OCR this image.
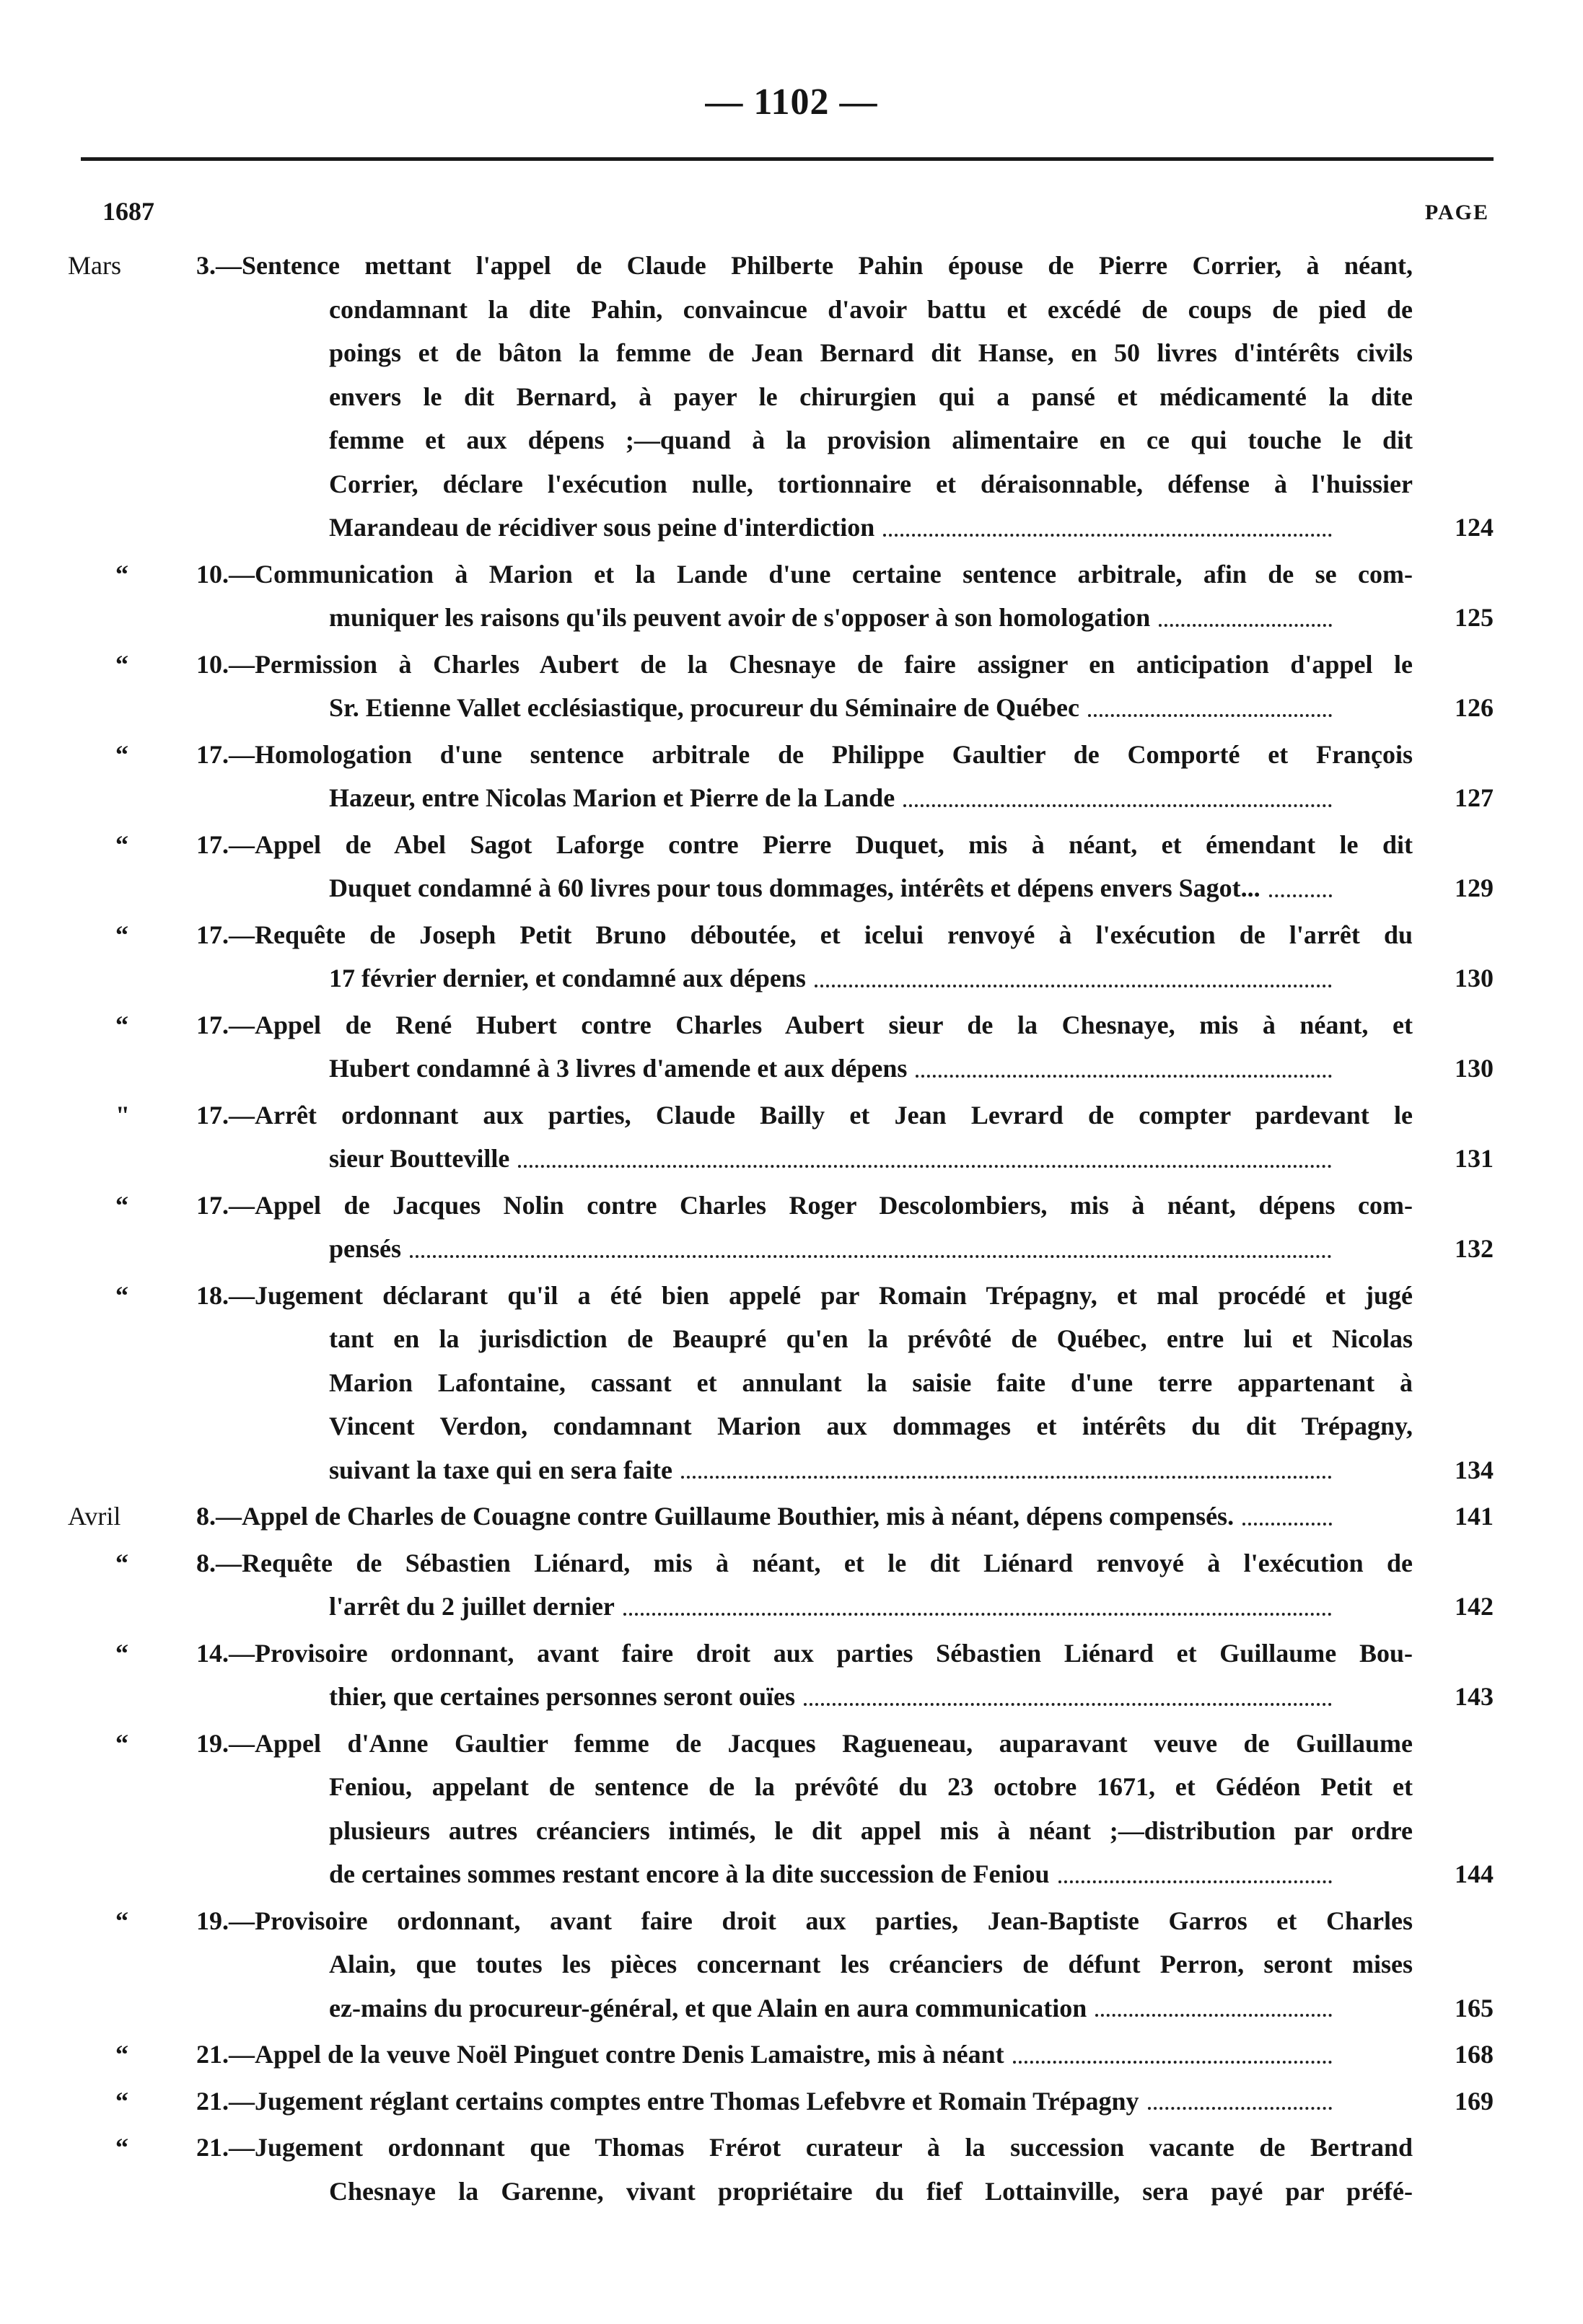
— 1102 —
1687	PAGE
Mars	3.—Sentence mettant l'appel de Claude Philberte Pahin épouse de Pierre Corrier, à néant,
condamnant la dite Pahin, convaincue d'avoir battu et excédé de coups de pied de
poings et de bâton la femme de Jean Bernard dit Hanse, en 50 livres d'intérêts civils
envers le dit Bernard, à payer le chirurgien qui a pansé et médicamenté la dite
femme et aux dépens ;—quand à la provision alimentaire en ce qui touche le dit
Corrier, déclare l'exécution nulle, tortionnaire et déraisonnable, défense à l'huissier
Marandeau de récidiver sous peine d'interdiction	124
“	10.—Communication à Marion et la Lande d'une certaine sentence arbitrale, afin de se com-
muniquer les raisons qu'ils peuvent avoir de s'opposer à son homologation	125
“	10.—Permission à Charles Aubert de la Chesnaye de faire assigner en anticipation d'appel le
Sr. Etienne Vallet ecclésiastique, procureur du Séminaire de Québec	126
“	17.—Homologation d'une sentence arbitrale de Philippe Gaultier de Comporté et François
Hazeur, entre Nicolas Marion et Pierre de la Lande	127
“	17.—Appel de Abel Sagot Laforge contre Pierre Duquet, mis à néant, et émendant le dit
Duquet condamné à 60 livres pour tous dommages, intérêts et dépens envers Sagot...	129
“	17.—Requête de Joseph Petit Bruno déboutée, et icelui renvoyé à l'exécution de l'arrêt du
17 février dernier, et condamné aux dépens	130
“	17.—Appel de René Hubert contre Charles Aubert sieur de la Chesnaye, mis à néant, et
Hubert condamné à 3 livres d'amende et aux dépens	130
"	17.—Arrêt ordonnant aux parties, Claude Bailly et Jean Levrard de compter pardevant le
sieur Boutteville	131
“	17.—Appel de Jacques Nolin contre Charles Roger Descolombiers, mis à néant, dépens com-
pensés	132
“	18.—Jugement déclarant qu'il a été bien appelé par Romain Trépagny, et mal procédé et jugé
tant en la jurisdiction de Beaupré qu'en la prévôté de Québec, entre lui et Nicolas
Marion Lafontaine, cassant et annulant la saisie faite d'une terre appartenant à
Vincent Verdon, condamnant Marion aux dommages et intérêts du dit Trépagny,
suivant la taxe qui en sera faite	134
Avril	8.—Appel de Charles de Couagne contre Guillaume Bouthier, mis à néant, dépens compensés.	141
“	8.—Requête de Sébastien Liénard, mis à néant, et le dit Liénard renvoyé à l'exécution de
l'arrêt du 2 juillet dernier	142
“	14.—Provisoire ordonnant, avant faire droit aux parties Sébastien Liénard et Guillaume Bou-
thier, que certaines personnes seront ouïes	143
“	19.—Appel d'Anne Gaultier femme de Jacques Ragueneau, auparavant veuve de Guillaume
Feniou, appelant de sentence de la prévôté du 23 octobre 1671, et Gédéon Petit et
plusieurs autres créanciers intimés, le dit appel mis à néant ;—distribution par ordre
de certaines sommes restant encore à la dite succession de Feniou	144
“	19.—Provisoire ordonnant, avant faire droit aux parties, Jean-Baptiste Garros et Charles
Alain, que toutes les pièces concernant les créanciers de défunt Perron, seront mises
ez-mains du procureur-général, et que Alain en aura communication	165
“	21.—Appel de la veuve Noël Pinguet contre Denis Lamaistre, mis à néant	168
“	21.—Jugement réglant certains comptes entre Thomas Lefebvre et Romain Trépagny	169
“	21.—Jugement ordonnant que Thomas Frérot curateur à la succession vacante de Bertrand
Chesnaye la Garenne, vivant propriétaire du fief Lottainville, sera payé par préfé-
